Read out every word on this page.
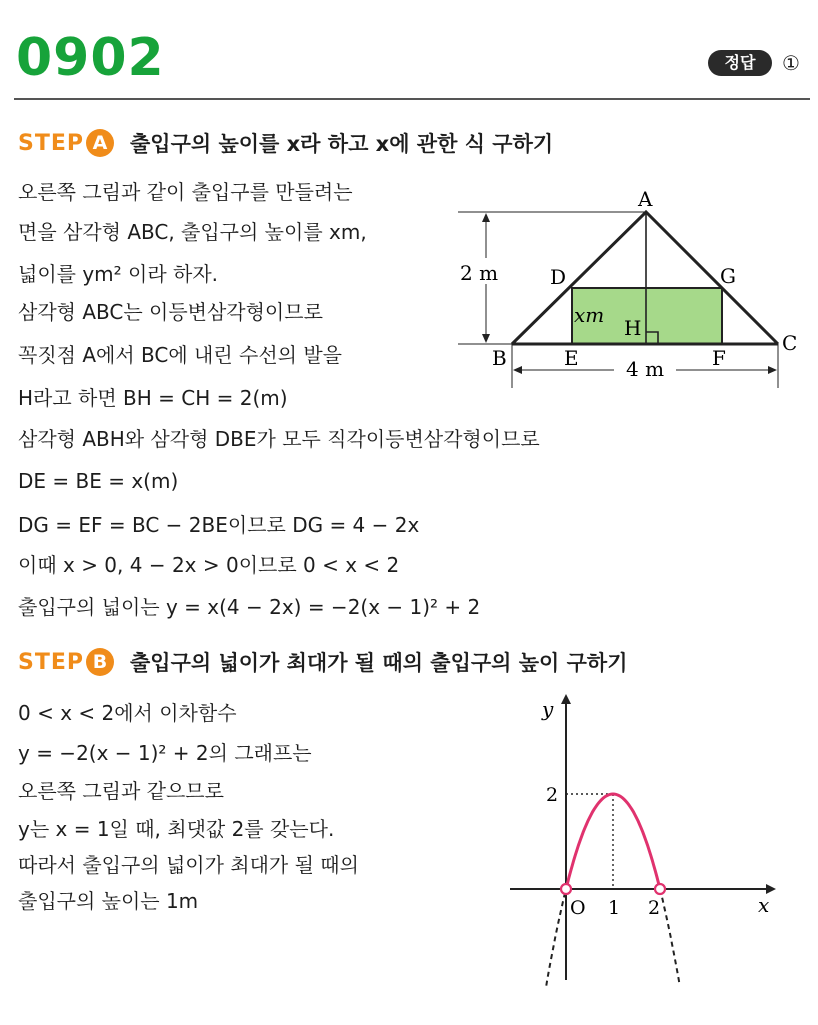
0902	정답	①
STEP A	출입구의 높이를 x라 하고 x에 관한 식 구하기
오른쪽 그림과 같이 출입구를 만들려는
면을 삼각형 ABC, 출입구의 높이를 xm,
넓이를 ym² 이라 하자.
삼각형 ABC는 이등변삼각형이므로
꼭짓점 A에서 BC에 내린 수선의 발을
H라고 하면 BH = CH = 2(m)
삼각형 ABH와 삼각형 DBE가 모두 직각이등변삼각형이므로
DE = BE = x(m)
DG = EF = BC − 2BE이므로 DG = 4 − 2x
이때 x > 0, 4 − 2x > 0이므로 0 < x < 2
출입구의 넓이는 y = x(4 − 2x) = −2(x − 1)² + 2
A
B
C
D
E	F
G
H
2 m
4 m
xm
STEP B	출입구의 넓이가 최대가 될 때의 출입구의 높이 구하기
0 < x < 2에서 이차함수
y = −2(x − 1)² + 2의 그래프는
오른쪽 그림과 같으므로
y는 x = 1일 때, 최댓값 2를 갖는다.
따라서 출입구의 넓이가 최대가 될 때의
출입구의 높이는 1m
y
x
O 1 2
2
